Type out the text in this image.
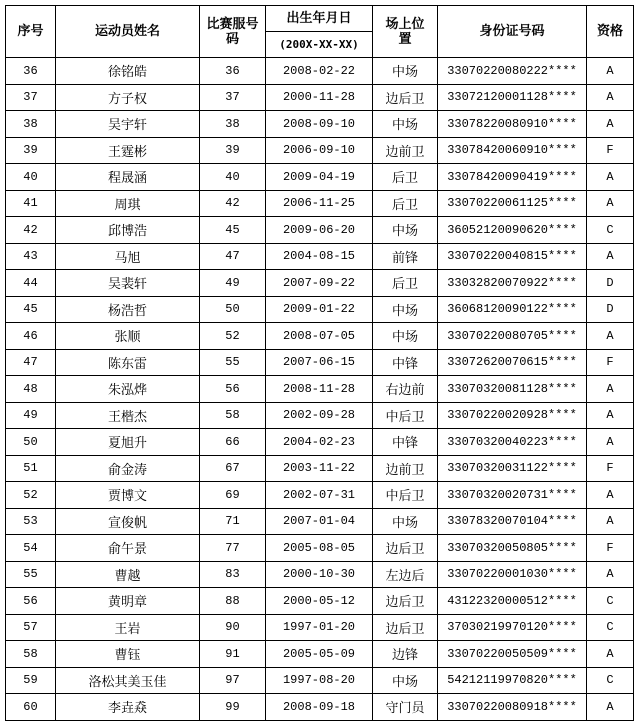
序号	运动员姓名	比赛服号码	出生年月日	场上位置	身份证号码	资格
			(200X-XX-XX)			
36	徐铭皓	36	2008-02-22	中场	33070220080222****	A
37	方子权	37	2000-11-28	边后卫	33072120001128****	A
38	吴宇轩	38	2008-09-10	中场	33078220080910****	A
39	王霆彬	39	2006-09-10	边前卫	33078420060910****	F
40	程晟涵	40	2009-04-19	后卫	33078420090419****	A
41	周琪	42	2006-11-25	后卫	33070220061125****	A
42	邱博浩	45	2009-06-20	中场	36052120090620****	C
43	马旭	47	2004-08-15	前锋	33070220040815****	A
44	吴裴轩	49	2007-09-22	后卫	33032820070922****	D
45	杨浩哲	50	2009-01-22	中场	36068120090122****	D
46	张顺	52	2008-07-05	中场	33070220080705****	A
47	陈东雷	55	2007-06-15	中锋	33072620070615****	F
48	朱泓烨	56	2008-11-28	右边前	33070320081128****	A
49	王楷杰	58	2002-09-28	中后卫	33070220020928****	A
50	夏旭升	66	2004-02-23	中锋	33070320040223****	A
51	俞金涛	67	2003-11-22	边前卫	33070320031122****	F
52	贾博文	69	2002-07-31	中后卫	33070320020731****	A
53	宣俊帆	71	2007-01-04	中场	33078320070104****	A
54	俞午景	77	2005-08-05	边后卫	33070320050805****	F
55	曹越	83	2000-10-30	左边后	33070220001030****	A
56	黄明章	88	2000-05-12	边后卫	43122320000512****	C
57	王岩	90	1997-01-20	边后卫	37030219970120****	C
58	曹钰	91	2005-05-09	边锋	33070220050509****	A
59	洛松其美玉佳	97	1997-08-20	中场	54212119970820****	C
60	李垚猋	99	2008-09-18	守门员	33070220080918****	A
